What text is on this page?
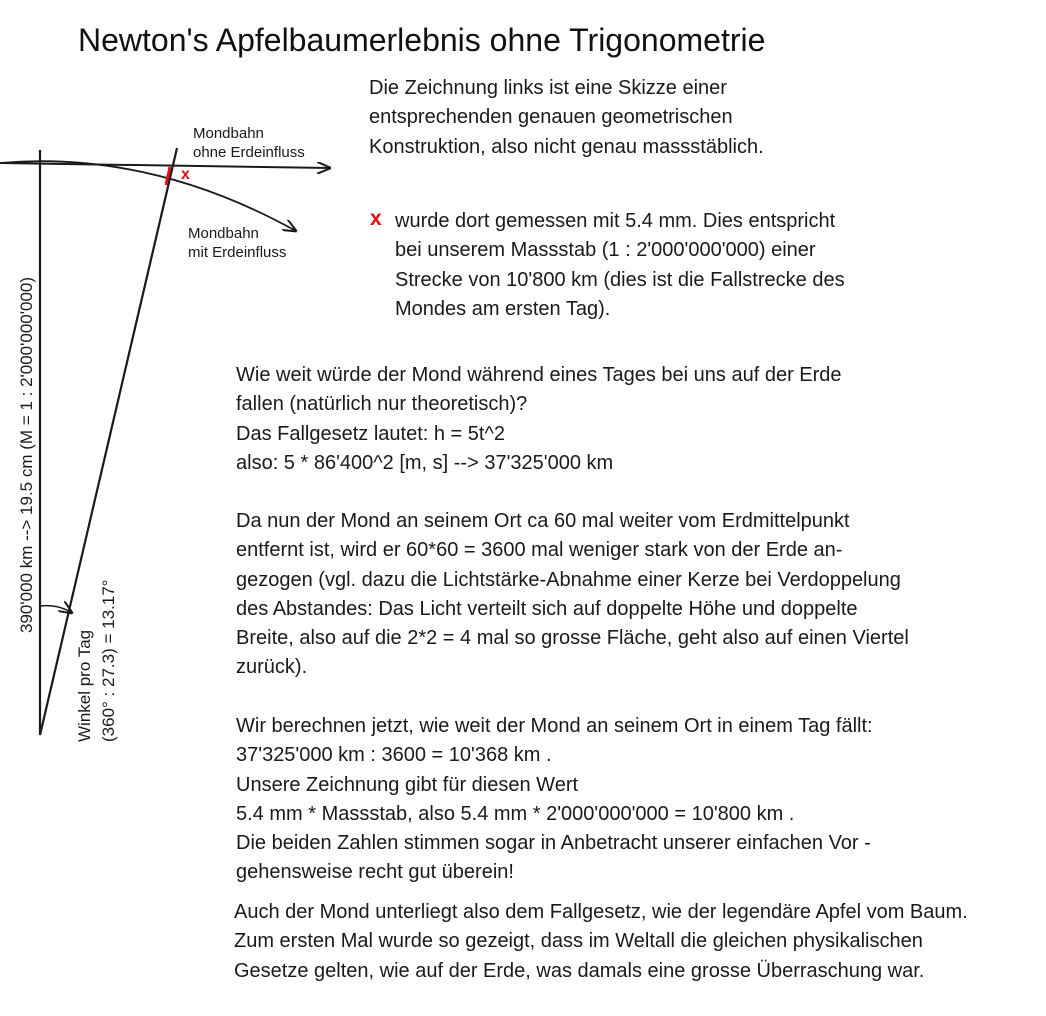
Newton's Apfelbaumerlebnis ohne Trigonometrie
Mondbahn
ohne Erdeinfluss
x
Mondbahn
mit Erdeinfluss
390'000 km --> 19.5 cm (M = 1 : 2'000'000'000)
Winkel pro Tag (360° : 27.3) = 13.17°
Die Zeichnung links ist eine Skizze einer
entsprechenden genauen geometrischen
Konstruktion, also nicht genau massstäblich.
x wurde dort gemessen mit 5.4 mm. Dies entspricht
bei unserem Massstab (1 : 2'000'000'000) einer
Strecke von 10'800 km (dies ist die Fallstrecke des
Mondes am ersten Tag).
Wie weit würde der Mond während eines Tages bei uns auf der Erde
fallen (natürlich nur theoretisch)?
Das Fallgesetz lautet: h = 5t^2
also: 5 * 86'400^2 [m, s] --> 37'325'000 km
Da nun der Mond an seinem Ort ca 60 mal weiter vom Erdmittelpunkt
entfernt ist, wird er 60*60 = 3600 mal weniger stark von der Erde an-
gezogen (vgl. dazu die Lichtstärke-Abnahme einer Kerze bei Verdoppelung
des Abstandes: Das Licht verteilt sich auf doppelte Höhe und doppelte
Breite, also auf die 2*2 = 4 mal so grosse Fläche, geht also auf einen Viertel
zurück).
Wir berechnen jetzt, wie weit der Mond an seinem Ort in einem Tag fällt:
37'325'000 km : 3600 = 10'368 km .
Unsere Zeichnung gibt für diesen Wert
5.4 mm * Massstab, also 5.4 mm * 2'000'000'000 = 10'800 km .
Die beiden Zahlen stimmen sogar in Anbetracht unserer einfachen Vor -
gehensweise recht gut überein!
Auch der Mond unterliegt also dem Fallgesetz, wie der legendäre Apfel vom Baum.
Zum ersten Mal wurde so gezeigt, dass im Weltall die gleichen physikalischen
Gesetze gelten, wie auf der Erde, was damals eine grosse Überraschung war.
